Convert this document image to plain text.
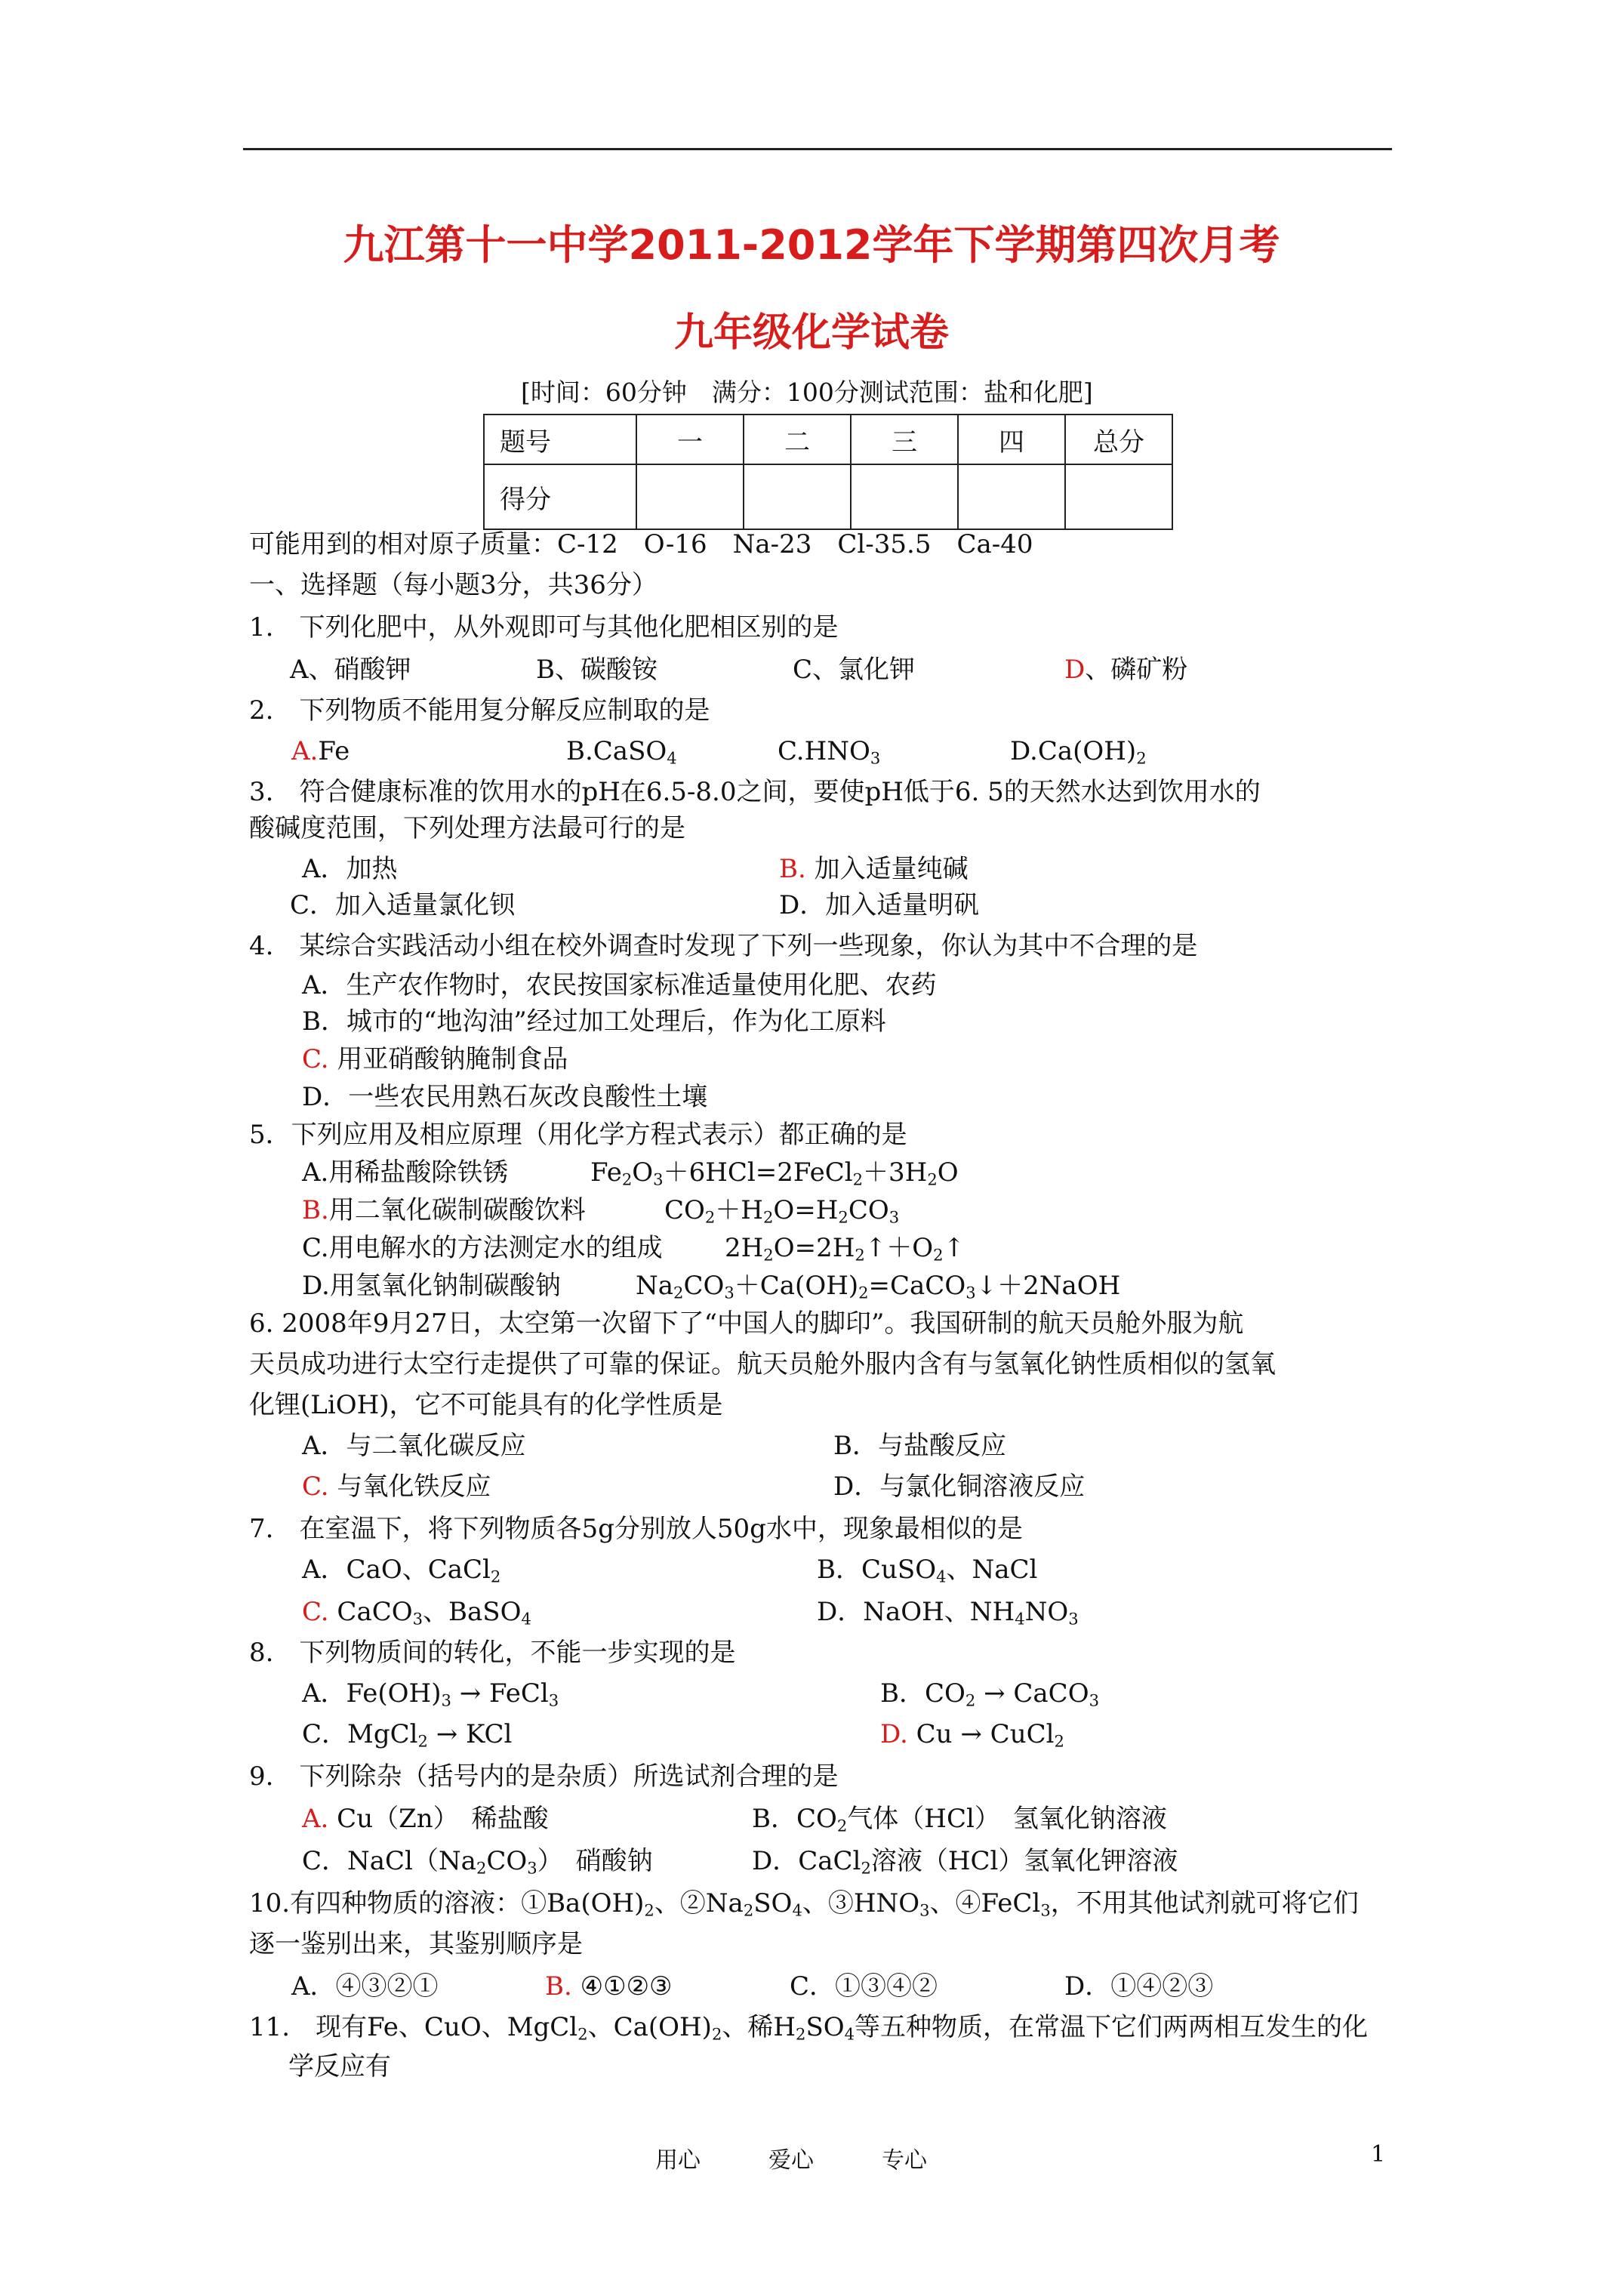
九江第十一中学2011-2012学年下学期第四次月考
九年级化学试卷
[时间：60分钟　满分：100分测试范围：盐和化肥]
题号	一	二	三	四	总分
得分					
可能用到的相对原子质量：C-12　O-16　Na-23　Cl-35.5　Ca-40
一、选择题（每小题3分，共36分）
1.　下列化肥中，从外观即可与其他化肥相区别的是
A、硝酸钾	B、碳酸铵	C、氯化钾	D、磷矿粉
2.　下列物质不能用复分解反应制取的是
A.Fe	B.CaSO$_4$	$C.HNO_3$	$D.Ca(OH)_2$
3.　符合健康标准的饮用水的pH在6.5-8.0之间，要使pH低于6. 5的天然水达到饮用水的
酸碱度范围，下列处理方法最可行的是
A．加热	B. 加入适量纯碱
C．加入适量氯化钡	D．加入适量明矾
4.　某综合实践活动小组在校外调查时发现了下列一些现象，你认为其中不合理的是
A．生产农作物时，农民按国家标准适量使用化肥、农药
B．城市的“地沟油”经过加工处理后，作为化工原料
C. 用亚硝酸钠腌制食品
D．一些农民用熟石灰改良酸性土壤
5．下列应用及相应原理（用化学方程式表示）都正确的是
A.用稀盐酸除铁锈	$Fe_2O_3+6HCl=2FeCl_2+3H_2O$
B.用二氧化碳制碳酸饮料	$CO_2+H_2O=H_2CO_3$
C.用电解水的方法测定水的组成 $2H_2O=2H_2↑+O_2↑$
D.用氢氧化钠制碳酸钠	$Na_2CO_3+Ca(OH)_2=CaCO_3↓+2NaOH$
6. 2008年9月27日，太空第一次留下了“中国人的脚印”。我国研制的航天员舱外服为航
天员成功进行太空行走提供了可靠的保证。航天员舱外服内含有与氢氧化钠性质相似的氢氧
化锂(LiOH)，它不可能具有的化学性质是
A．与二氧化碳反应	B．与盐酸反应
C. 与氧化铁反应	D．与氯化铜溶液反应
7.　在室温下，将下列物质各5g分别放人50g水中，现象最相似的是
A．CaO、CaCl$_2$	B．CuSO$_4$、NaCl
C. CaCO$_3$、BaSO$_4$	D．NaOH、$NH_4NO_3$
8.　下列物质间的转化，不能一步实现的是
A．$Fe(OH)_3$ → FeCl$_3$	B．$CO_2$ → CaCO$_3$
C．MgCl$_2$ → KCl	D. Cu → CuCl$_2$
9.　下列除杂（括号内的是杂质）所选试剂合理的是
A. Cu（Zn）　稀盐酸	B．$CO_2$气体（HCl）　氢氧化钠溶液
C．$NaCl(Na_2CO_3)$　硝酸钠	D．CaCl$_2$溶液（HCl）氢氧化钾溶液
10.有四种物质的溶液：$①Ba(OH)_2$、$②Na_2SO_4$、$③HNO_3$、④FeCl$_3$，不用其他试剂就可将它们
逐一鉴别出来，其鉴别顺序是
A．④③②①	B. ④①②③	C．①③④②	D．①④②③
11.　现有Fe、CuO、MgCl$_2$、$Ca(OH)_2$、稀$H_2SO_4$等五种物质，在常温下它们两两相互发生的化
学反应有
用心	爱心	专心	1
